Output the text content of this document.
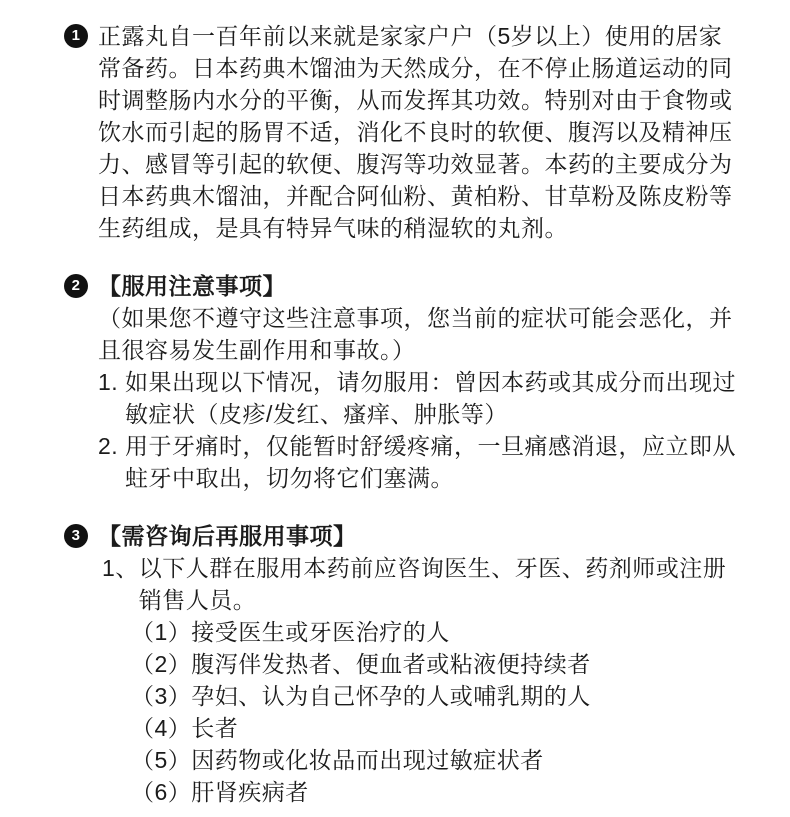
1 正露丸自一百年前以来就是家家户户（5岁以上）使用的居家常备药。日本药典木馏油为天然成分，在不停止肠道运动的同时调整肠内水分的平衡，从而发挥其功效。特别对由于食物或饮水而引起的肠胃不适，消化不良时的软便、腹泻以及精神压力、感冒等引起的软便、腹泻等功效显著。本药的主要成分为日本药典木馏油，并配合阿仙粉、黄柏粉、甘草粉及陈皮粉等生药组成，是具有特异气味的稍湿软的丸剂。
2 【服用注意事项】
（如果您不遵守这些注意事项，您当前的症状可能会恶化，并且很容易发生副作用和事故。）
1. 如果出现以下情况，请勿服用：曾因本药或其成分而出现过敏症状（皮疹/发红、瘙痒、肿胀等）
2. 用于牙痛时，仅能暂时舒缓疼痛，一旦痛感消退，应立即从蛀牙中取出，切勿将它们塞满。
3 【需咨询后再服用事项】
1、 以下人群在服用本药前应咨询医生、牙医、药剂师或注册销售人员。
（1） 接受医生或牙医治疗的人
（2） 腹泻伴发热者、便血者或粘液便持续者
（3） 孕妇、认为自己怀孕的人或哺乳期的人
（4） 长者
（5） 因药物或化妆品而出现过敏症状者
（6） 肝肾疾病者
